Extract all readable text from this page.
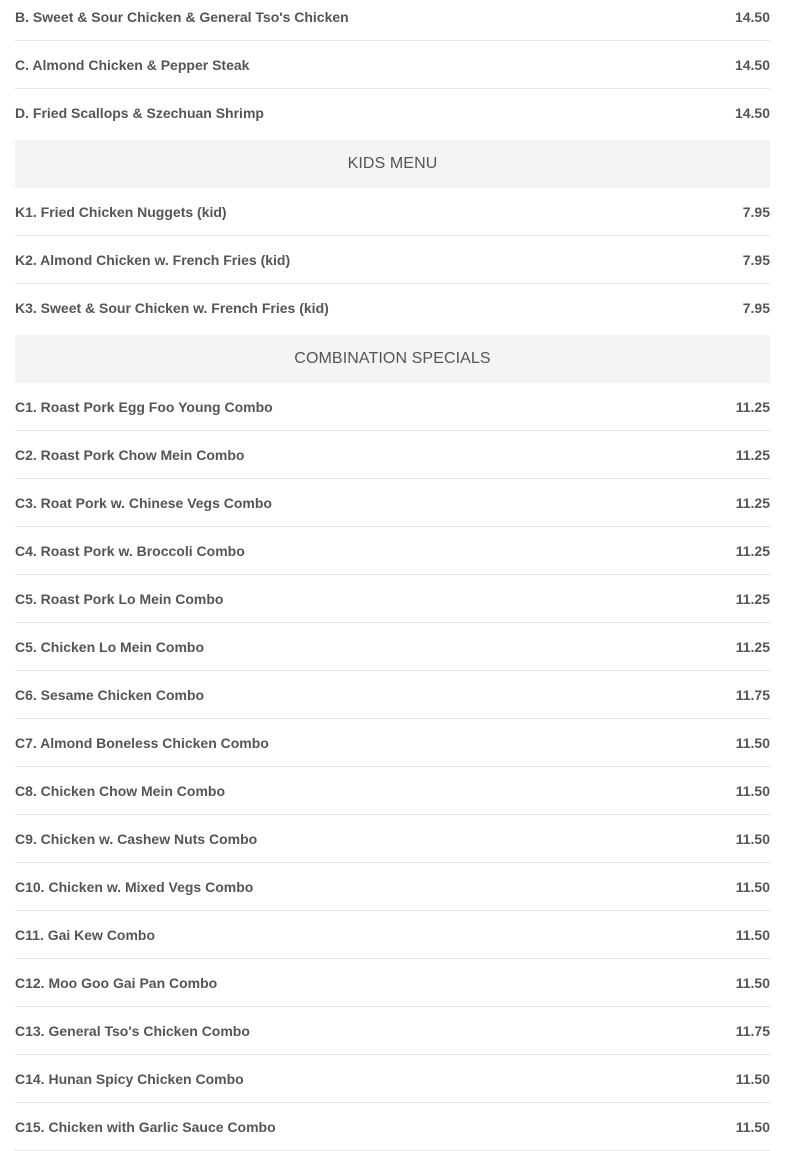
B. Sweet & Sour Chicken & General Tso's Chicken	14.50
C. Almond Chicken & Pepper Steak	14.50
D. Fried Scallops & Szechuan Shrimp	14.50
KIDS MENU
K1. Fried Chicken Nuggets (kid)	7.95
K2. Almond Chicken w. French Fries (kid)	7.95
K3. Sweet & Sour Chicken w. French Fries (kid)	7.95
COMBINATION SPECIALS
C1. Roast Pork Egg Foo Young Combo	11.25
C2. Roast Pork Chow Mein Combo	11.25
C3. Roat Pork w. Chinese Vegs Combo	11.25
C4. Roast Pork w. Broccoli Combo	11.25
C5. Roast Pork Lo Mein Combo	11.25
C5. Chicken Lo Mein Combo	11.25
C6. Sesame Chicken Combo	11.75
C7. Almond Boneless Chicken Combo	11.50
C8. Chicken Chow Mein Combo	11.50
C9. Chicken w. Cashew Nuts Combo	11.50
C10. Chicken w. Mixed Vegs Combo	11.50
C11. Gai Kew Combo	11.50
C12. Moo Goo Gai Pan Combo	11.50
C13. General Tso's Chicken Combo	11.75
C14. Hunan Spicy Chicken Combo	11.50
C15. Chicken with Garlic Sauce Combo	11.50
